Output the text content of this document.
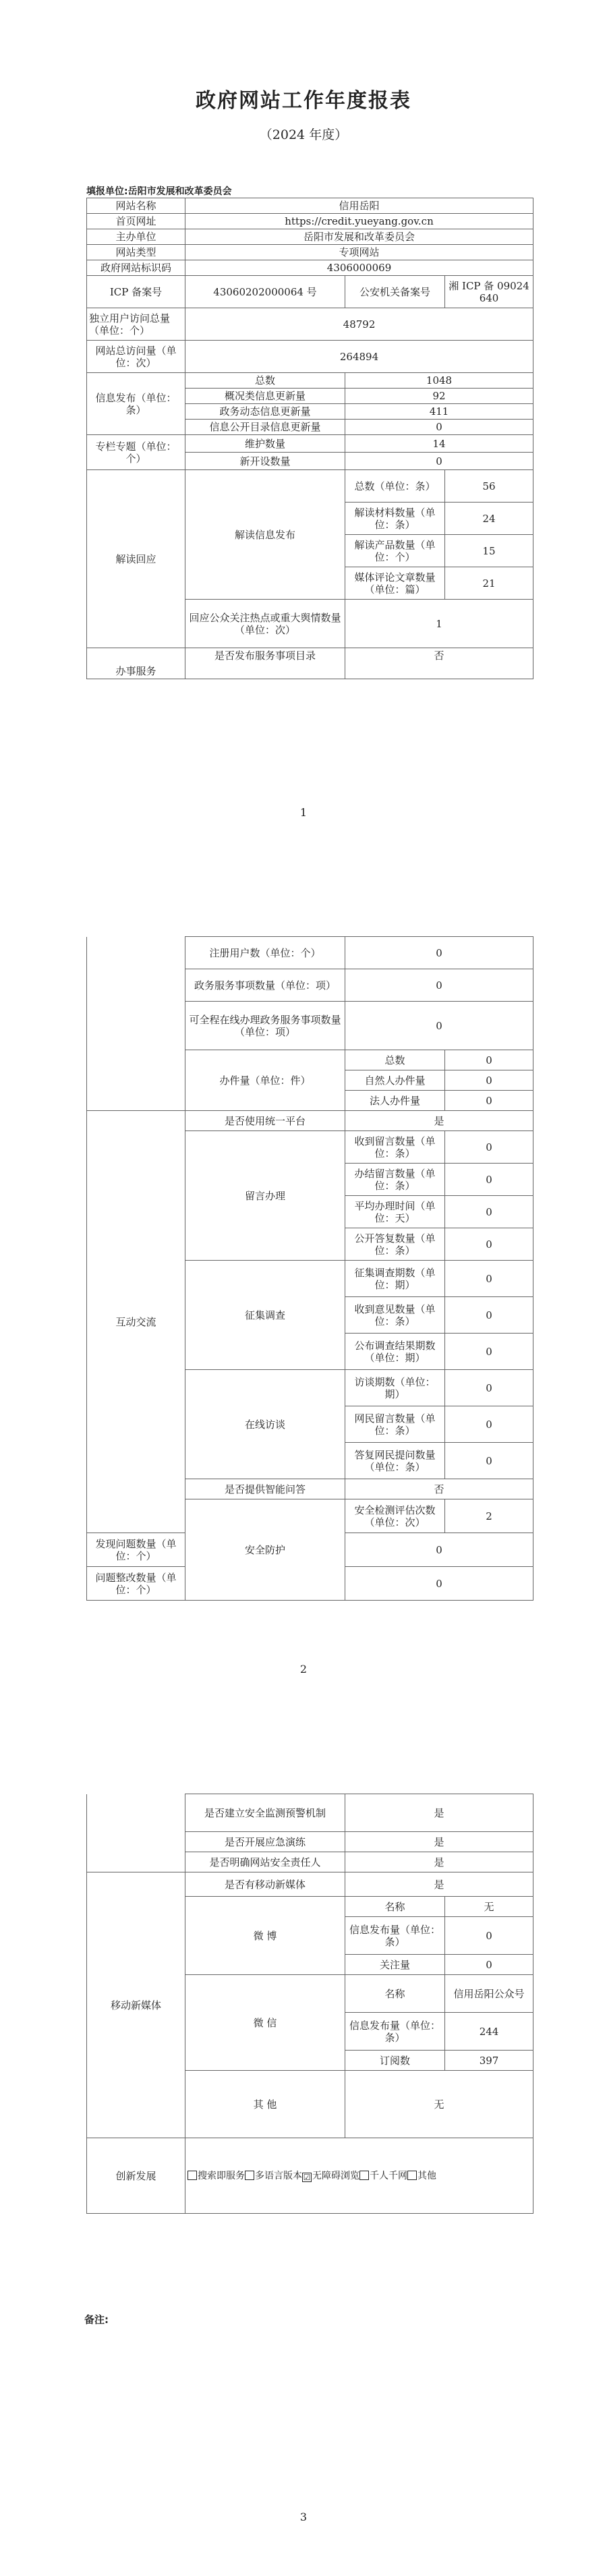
政府网站工作年度报表
（2024 年度）
填报单位:岳阳市发展和改革委员会
网站名称	信用岳阳		
首页网址	https://credit.yueyang.gov.cn		
主办单位	岳阳市发展和改革委员会		
网站类型	专项网站		
政府网站标识码	4306000069		
ICP 备案号	43060202000064 号	公安机关备案号	湘 ICP 备 09024640
独立用户访问总量（单位：个）	48792		
网站总访问量（单位：次）	264894		
信息发布（单位：条）	总数	1048	
	概况类信息更新量	92	
	政务动态信息更新量	411	
	信息公开目录信息更新量	0	
专栏专题（单位：个）	维护数量	14	
	新开设数量	0	
解读回应	解读信息发布	总数（单位：条）	56
		解读材料数量（单位：条）	24
		解读产品数量（单位：个）	15
		媒体评论文章数量（单位：篇）	21
	回应公众关注热点或重大舆情数量（单位：次）	1	
办事服务	是否发布服务事项目录	否	
1
	注册用户数（单位：个）	0	
	政务服务事项数量（单位：项）	0	
	可全程在线办理政务服务事项数量（单位：项）	0	
	办件量（单位：件）	总数	0
		自然人办件量	0
		法人办件量	0
互动交流	是否使用统一平台	是	
	留言办理	收到留言数量（单位：条）	0
		办结留言数量（单位：条）	0
		平均办理时间（单位：天）	0
		公开答复数量（单位：条）	0
	征集调查	征集调查期数（单位：期）	0
		收到意见数量（单位：条）	0
		公布调查结果期数（单位：期）	0
	在线访谈	访谈期数（单位：期）	0
		网民留言数量（单位：条）	0
		答复网民提问数量（单位：条）	0
	是否提供智能问答	否	
	安全防护	安全检测评估次数（单位：次）	2
发现问题数量（单位：个）		0	
问题整改数量（单位：个）		0	
2
	是否建立安全监测预警机制	是	
	是否开展应急演练	是	
	是否明确网站安全责任人	是	
移动新媒体	是否有移动新媒体	是	
	微 博	名称	无
		信息发布量（单位：条）	0
		关注量	0
	微 信	名称	信用岳阳公众号
		信息发布量（单位：条）	244
		订阅数	397
	其 他	无	
创新发展	搜索即服务 多语言版本 ☑ 无障碍浏览 千人千网 其他		
备注:
3
